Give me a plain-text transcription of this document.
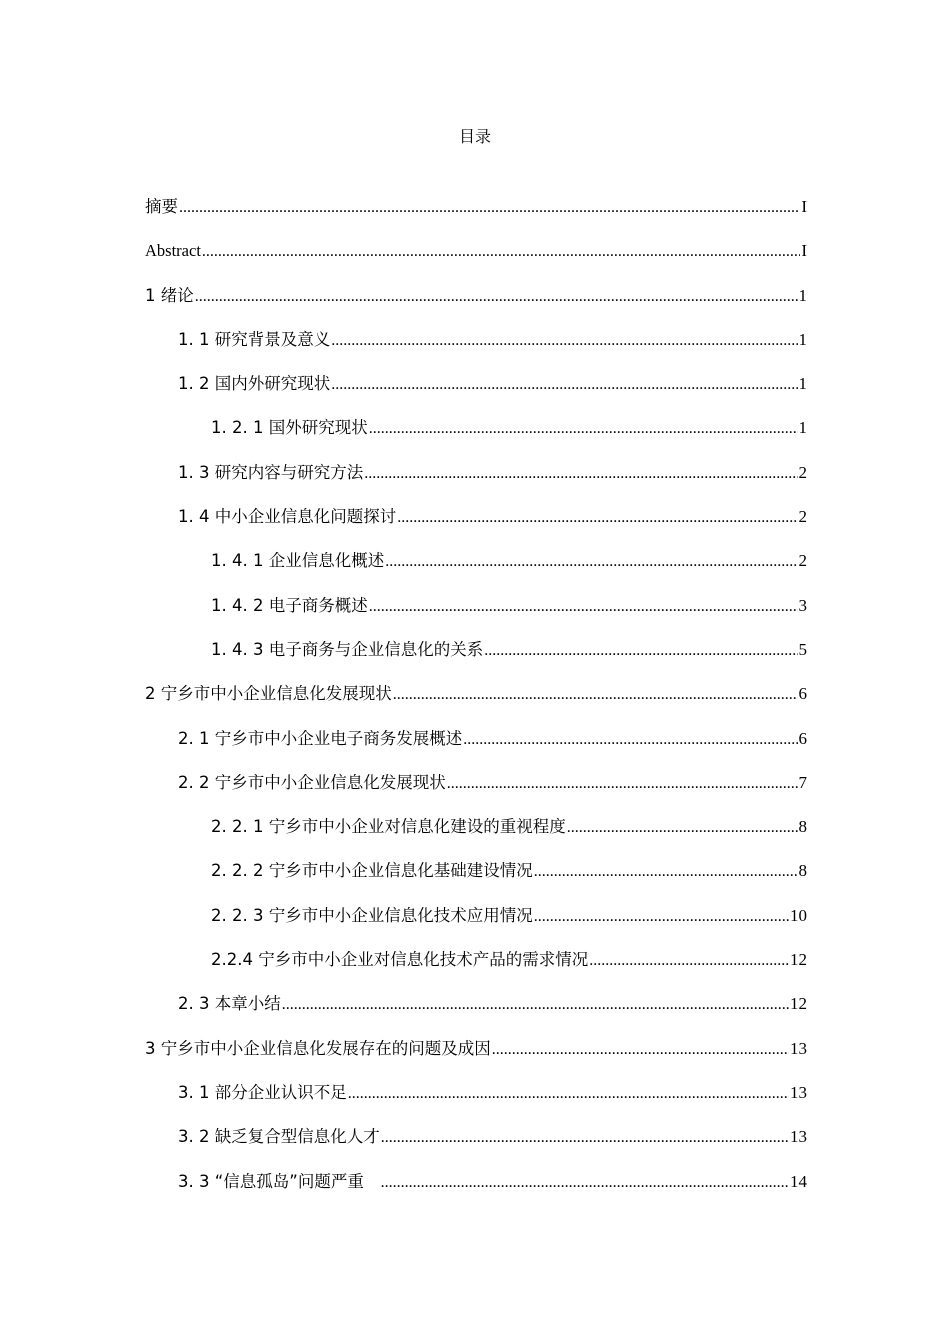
目录
摘要 .....	I
Abstract .....	I
1 绪论 .....	1
1. 1 研究背景及意义 .....	1
1. 2 国内外研究现状 .....	1
1. 2. 1 国外研究现状 .....	1
1. 3 研究内容与研究方法 .....	2
1. 4 中小企业信息化问题探讨 .....	2
1. 4. 1 企业信息化概述 .....	2
1. 4. 2 电子商务概述 .....	3
1. 4. 3 电子商务与企业信息化的关系 .....	5
2 宁乡市中小企业信息化发展现状 .....	6
2. 1 宁乡市中小企业电子商务发展概述 .....	6
2. 2 宁乡市中小企业信息化发展现状 .....	7
2. 2. 1 宁乡市中小企业对信息化建设的重视程度 .....	8
2. 2. 2 宁乡市中小企业信息化基础建设情况 .....	8
2. 2. 3 宁乡市中小企业信息化技术应用情况 .....	10
2.2.4 宁乡市中小企业对信息化技术产品的需求情况 .....	12
2. 3 本章小结 .....	12
3 宁乡市中小企业信息化发展存在的问题及成因 .....	13
3. 1 部分企业认识不足 .....	13
3. 2 缺乏复合型信息化人才 .....	13
3. 3 “信息孤岛”问题严重 .....	14
